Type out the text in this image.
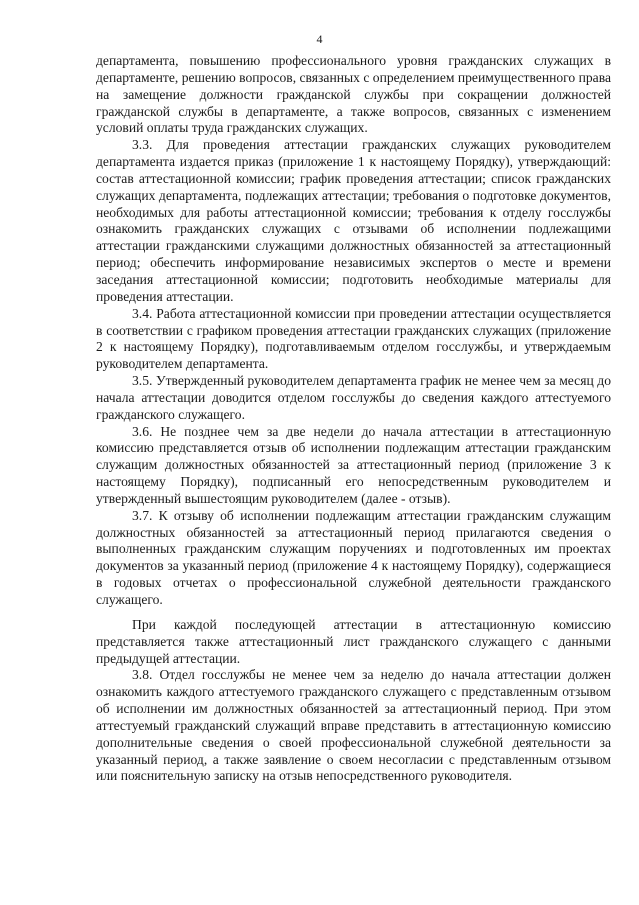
4

департамента, повышению профессионального уровня гражданских служащих в департаменте, решению вопросов, связанных с определением преимущественного права на замещение должности гражданской службы при сокращении должностей гражданской службы в департаменте, а также вопросов, связанных с изменением условий оплаты труда гражданских служащих.

3.3. Для проведения аттестации гражданских служащих руководителем департамента издается приказ (приложение 1 к настоящему Порядку), утверждающий: состав аттестационной комиссии; график проведения аттестации; список гражданских служащих департамента, подлежащих аттестации; требования о подготовке документов, необходимых для работы аттестационной комиссии; требования к отделу госслужбы ознакомить гражданских служащих с отзывами об исполнении подлежащими аттестации гражданскими служащими должностных обязанностей за аттестационный период; обеспечить информирование независимых экспертов о месте и времени заседания аттестационной комиссии; подготовить необходимые материалы для проведения аттестации.

3.4. Работа аттестационной комиссии при проведении аттестации осуществляется в соответствии с графиком проведения аттестации гражданских служащих (приложение 2 к настоящему Порядку), подготавливаемым отделом госслужбы, и утверждаемым руководителем департамента.

3.5. Утвержденный руководителем департамента график не менее чем за месяц до начала аттестации доводится отделом госслужбы до сведения каждого аттестуемого гражданского служащего.

3.6. Не позднее чем за две недели до начала аттестации в аттестационную комиссию представляется отзыв об исполнении подлежащим аттестации гражданским служащим должностных обязанностей за аттестационный период (приложение 3 к настоящему Порядку), подписанный его непосредственным руководителем и утвержденный вышестоящим руководителем (далее - отзыв).

3.7. К отзыву об исполнении подлежащим аттестации гражданским служащим должностных обязанностей за аттестационный период прилагаются сведения о выполненных гражданским служащим поручениях и подготовленных им проектах документов за указанный период (приложение 4 к настоящему Порядку), содержащиеся в годовых отчетах о профессиональной служебной деятельности гражданского служащего.

При каждой последующей аттестации в аттестационную комиссию представляется также аттестационный лист гражданского служащего с данными предыдущей аттестации.

3.8. Отдел госслужбы не менее чем за неделю до начала аттестации должен ознакомить каждого аттестуемого гражданского служащего с представленным отзывом об исполнении им должностных обязанностей за аттестационный период. При этом аттестуемый гражданский служащий вправе представить в аттестационную комиссию дополнительные сведения о своей профессиональной служебной деятельности за указанный период, а также заявление о своем несогласии с представленным отзывом или пояснительную записку на отзыв непосредственного руководителя.
